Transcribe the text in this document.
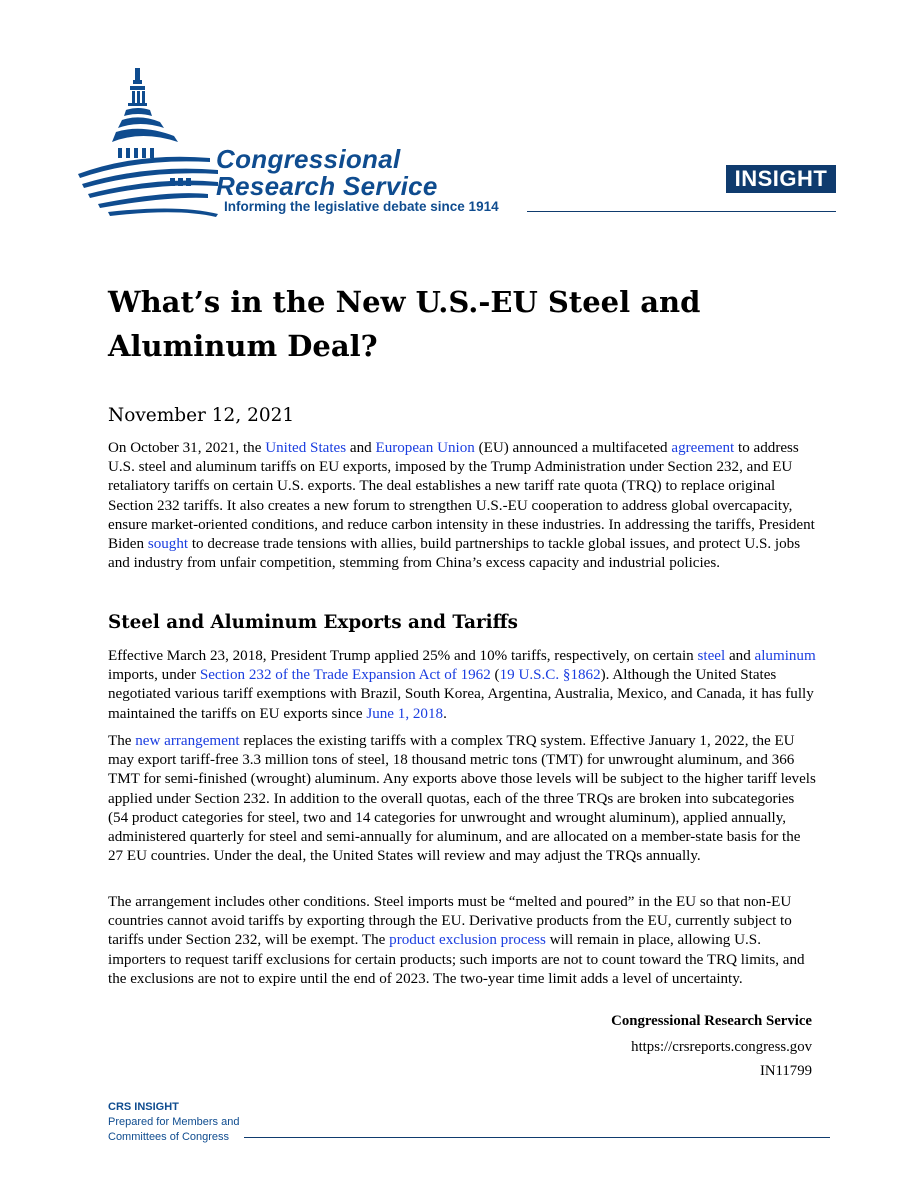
Congressional
Research Service
Informing the legislative debate since 1914
INSIGHT
What’s in the New U.S.-EU Steel and Aluminum Deal?

November 12, 2021

On October 31, 2021, the United States and European Union (EU) announced a multifaceted agreement to address U.S. steel and aluminum tariffs on EU exports, imposed by the Trump Administration under Section 232, and EU retaliatory tariffs on certain U.S. exports. The deal establishes a new tariff rate quota (TRQ) to replace original Section 232 tariffs. It also creates a new forum to strengthen U.S.-EU cooperation to address global overcapacity, ensure market-oriented conditions, and reduce carbon intensity in these industries. In addressing the tariffs, President Biden sought to decrease trade tensions with allies, build partnerships to tackle global issues, and protect U.S. jobs and industry from unfair competition, stemming from China’s excess capacity and industrial policies.

Steel and Aluminum Exports and Tariffs

Effective March 23, 2018, President Trump applied 25% and 10% tariffs, respectively, on certain steel and aluminum imports, under Section 232 of the Trade Expansion Act of 1962 (19 U.S.C. §1862). Although the United States negotiated various tariff exemptions with Brazil, South Korea, Argentina, Australia, Mexico, and Canada, it has fully maintained the tariffs on EU exports since June 1, 2018.

The new arrangement replaces the existing tariffs with a complex TRQ system. Effective January 1, 2022, the EU may export tariff-free 3.3 million tons of steel, 18 thousand metric tons (TMT) for unwrought aluminum, and 366 TMT for semi-finished (wrought) aluminum. Any exports above those levels will be subject to the higher tariff levels applied under Section 232. In addition to the overall quotas, each of the three TRQs are broken into subcategories (54 product categories for steel, two and 14 categories for unwrought and wrought aluminum), applied annually, administered quarterly for steel and semi-annually for aluminum, and are allocated on a member-state basis for the 27 EU countries. Under the deal, the United States will review and may adjust the TRQs annually.

The arrangement includes other conditions. Steel imports must be “melted and poured” in the EU so that non-EU countries cannot avoid tariffs by exporting through the EU. Derivative products from the EU, currently subject to tariffs under Section 232, will be exempt. The product exclusion process will remain in place, allowing U.S. importers to request tariff exclusions for certain products; such imports are not to count toward the TRQ limits, and the exclusions are not to expire until the end of 2023. The two-year time limit adds a level of uncertainty.

Congressional Research Service

https://crsreports.congress.gov

IN11799

CRS INSIGHT
Prepared for Members and
Committees of Congress
